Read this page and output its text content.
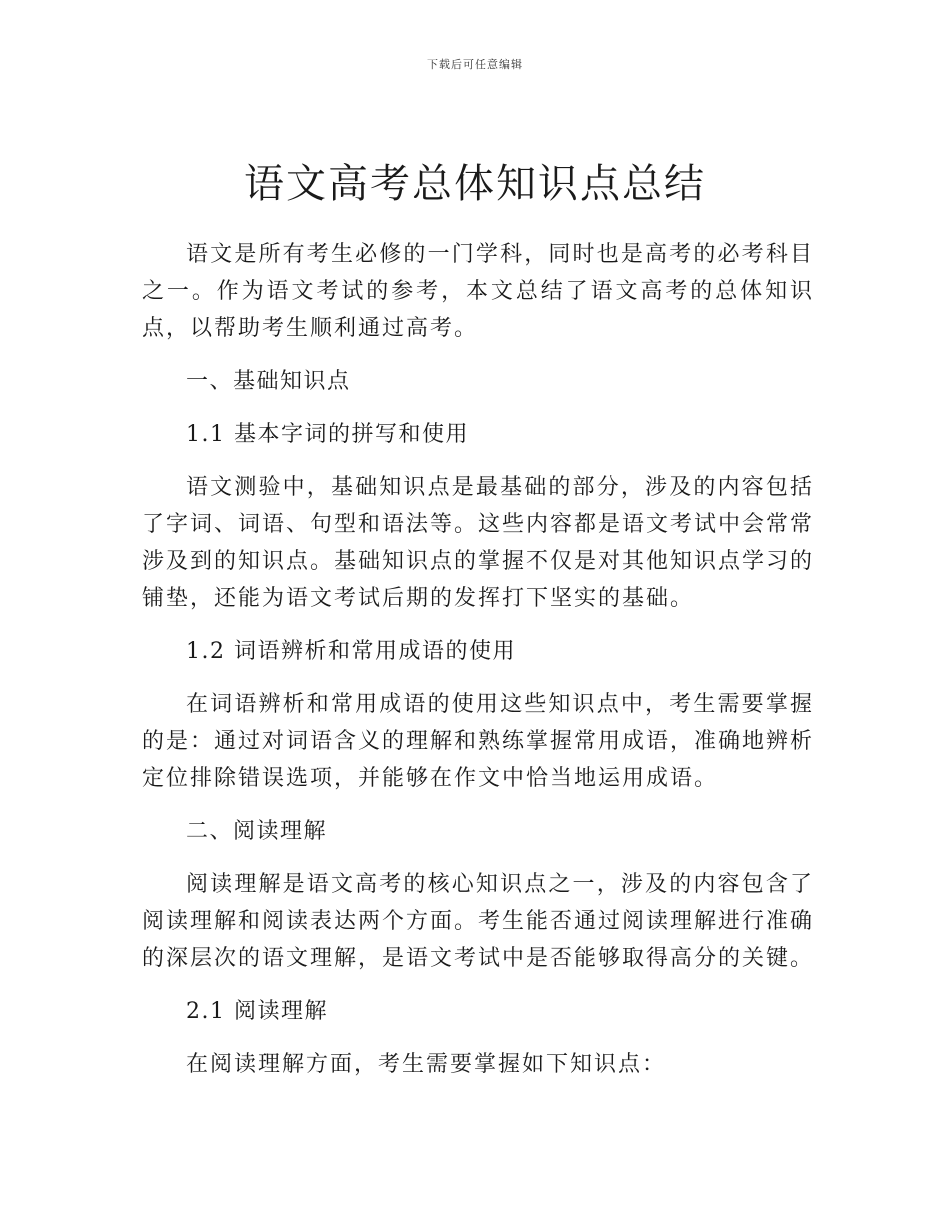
下载后可任意编辑
语文高考总体知识点总结

语文是所有考生必修的一门学科，同时也是高考的必考科目之一。作为语文考试的参考，本文总结了语文高考的总体知识点，以帮助考生顺利通过高考。

一、基础知识点

1.1 基本字词的拼写和使用

语文测验中，基础知识点是最基础的部分，涉及的内容包括了字词、词语、句型和语法等。这些内容都是语文考试中会常常涉及到的知识点。基础知识点的掌握不仅是对其他知识点学习的铺垫，还能为语文考试后期的发挥打下坚实的基础。

1.2 词语辨析和常用成语的使用

在词语辨析和常用成语的使用这些知识点中，考生需要掌握的是：通过对词语含义的理解和熟练掌握常用成语，准确地辨析定位排除错误选项，并能够在作文中恰当地运用成语。

二、阅读理解

阅读理解是语文高考的核心知识点之一，涉及的内容包含了阅读理解和阅读表达两个方面。考生能否通过阅读理解进行准确的深层次的语文理解，是语文考试中是否能够取得高分的关键。

2.1 阅读理解

在阅读理解方面，考生需要掌握如下知识点：
